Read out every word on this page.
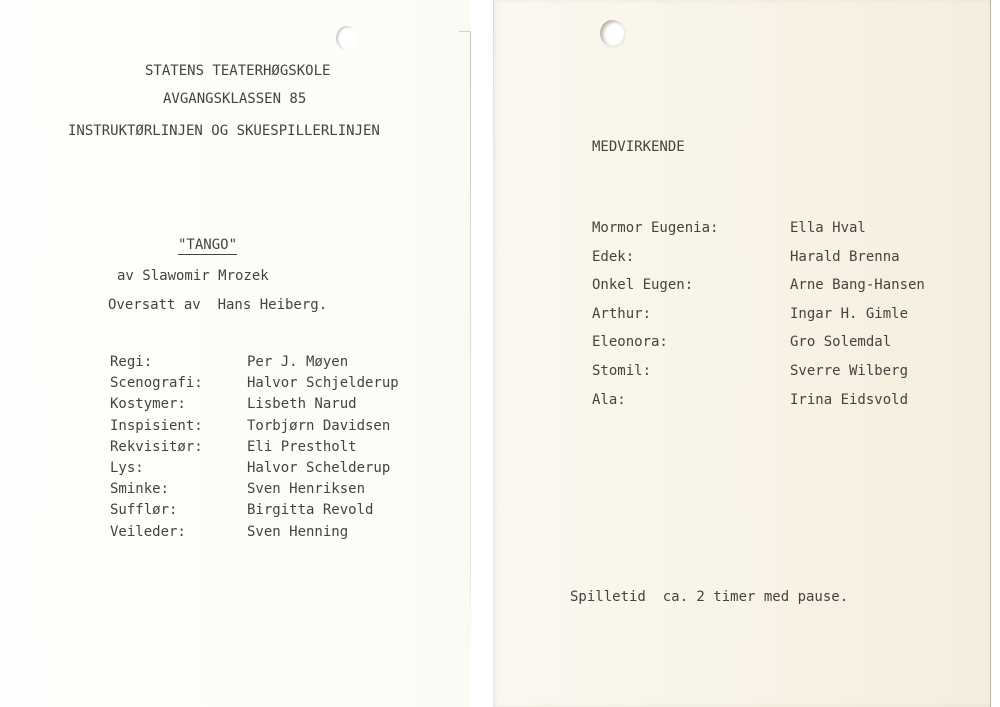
STATENS TEATERHØGSKOLE
AVGANGSKLASSEN 85
INSTRUKTØRLINJEN OG SKUESPILLERLINJEN
"TANGO"
av Slawomir Mrozek
Oversatt av  Hans Heiberg.
Regi:	Per J. Møyen
Scenografi:	Halvor Schjelderup
Kostymer:	Lisbeth Narud
Inspisient:	Torbjørn Davidsen
Rekvisitør:	Eli Prestholt
Lys:	Halvor Schelderup
Sminke:	Sven Henriksen
Sufflør:	Birgitta Revold
Veileder:	Sven Henning
MEDVIRKENDE
Mormor Eugenia:	Ella Hval
Edek:	Harald Brenna
Onkel Eugen:	Arne Bang-Hansen
Arthur:	Ingar H. Gimle
Eleonora:	Gro Solemdal
Stomil:	Sverre Wilberg
Ala:	Irina Eidsvold
Spilletid  ca. 2 timer med pause.
